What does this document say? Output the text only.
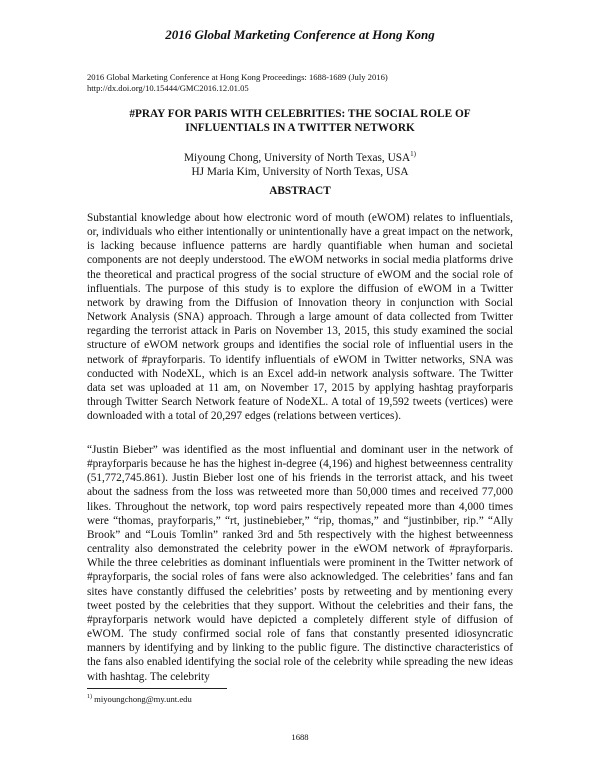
2016 Global Marketing Conference at Hong Kong
2016 Global Marketing Conference at Hong Kong Proceedings: 1688-1689 (July 2016)
http://dx.doi.org/10.15444/GMC2016.12.01.05
#PRAY FOR PARIS WITH CELEBRITIES: THE SOCIAL ROLE OF
INFLUENTIALS IN A TWITTER NETWORK
Miyoung Chong, University of North Texas, USA$^{1)}$
HJ Maria Kim, University of North Texas, USA
ABSTRACT
Substantial knowledge about how electronic word of mouth (eWOM) relates to influentials, or, individuals who either intentionally or unintentionally have a great impact on the network, is lacking because influence patterns are hardly quantifiable when human and societal components are not deeply understood. The eWOM networks in social media platforms drive the theoretical and practical progress of the social structure of eWOM and the social role of influentials. The purpose of this study is to explore the diffusion of eWOM in a Twitter network by drawing from the Diffusion of Innovation theory in conjunction with Social Network Analysis (SNA) approach. Through a large amount of data collected from Twitter regarding the terrorist attack in Paris on November 13, 2015, this study examined the social structure of eWOM network groups and identifies the social role of influential users in the network of #prayforparis. To identify influentials of eWOM in Twitter networks, SNA was conducted with NodeXL, which is an Excel add-in network analysis software. The Twitter data set was uploaded at 11 am, on November 17, 2015 by applying hashtag prayforparis through Twitter Search Network feature of NodeXL. A total of 19,592 tweets (vertices) were downloaded with a total of 20,297 edges (relations between vertices).
“Justin Bieber” was identified as the most influential and dominant user in the network of #prayforparis because he has the highest in-degree (4,196) and highest betweenness centrality (51,772,745.861). Justin Bieber lost one of his friends in the terrorist attack, and his tweet about the sadness from the loss was retweeted more than 50,000 times and received 77,000 likes. Throughout the network, top word pairs respectively repeated more than 4,000 times were “thomas, prayforparis,” “rt, justinebieber,” “rip, thomas,” and “justinbiber, rip.” “Ally Brook” and “Louis Tomlin” ranked 3rd and 5th respectively with the highest betweenness centrality also demonstrated the celebrity power in the eWOM network of #prayforparis. While the three celebrities as dominant influentials were prominent in the Twitter network of #prayforparis, the social roles of fans were also acknowledged. The celebrities’ fans and fan sites have constantly diffused the celebrities’ posts by retweeting and by mentioning every tweet posted by the celebrities that they support. Without the celebrities and their fans, the #prayforparis network would have depicted a completely different style of diffusion of eWOM. The study confirmed social role of fans that constantly presented idiosyncratic manners by identifying and by linking to the public figure. The distinctive characteristics of the fans also enabled identifying the social role of the celebrity while spreading the new ideas with hashtag. The celebrity
$^{1)}$ miyoungchong@my.unt.edu
1688
